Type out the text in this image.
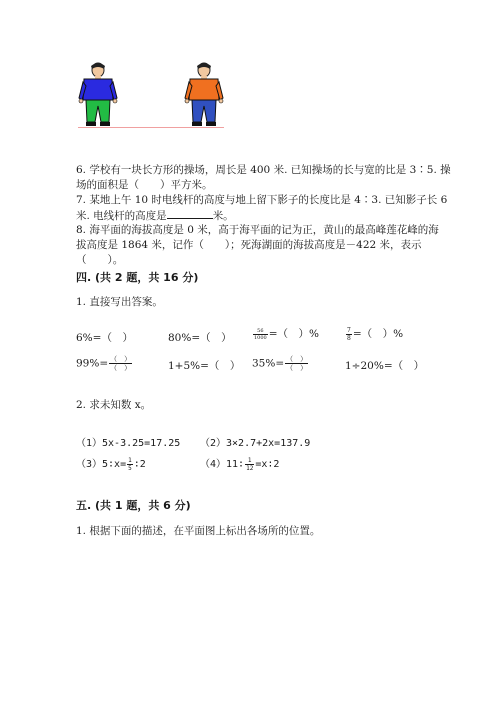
6. 学校有一块长方形的操场，周长是 400 米. 已知操场的长与宽的比是 3∶5. 操
场的面积是（　　）平方米。
7. 某地上午 10 时电线杆的高度与地上留下影子的长度比是 4∶3. 已知影子长 6
米. 电线杆的高度是	米。
8. 海平面的海拔高度是 0 米，高于海平面的记为正，黄山的最高峰莲花峰的海
拔高度是 1864 米，记作（　　）；死海湖面的海拔高度是－422 米，表示
（　　）。
四. (共 2 题，共 16 分)
1. 直接写出答案。
6%=（　）	80%=（　）	$\frac{56}{1000}$ =（　）%	$\frac{7}{8}$ =（　）%
$99\%= \frac{( )}{( )}$	1+5%=（　） $35\%= \frac{( )}{( )}$	1÷20%=（　）
2. 求未知数 x。
（1）5x-3.25=17.25 （2）3×2.7+2x=137.9
（3）5∶x= $\frac{1}{5}$ ∶2	（4）11∶ $\frac{1}{12}$ =x∶2
五. (共 1 题，共 6 分)
1. 根据下面的描述，在平面图上标出各场所的位置。
